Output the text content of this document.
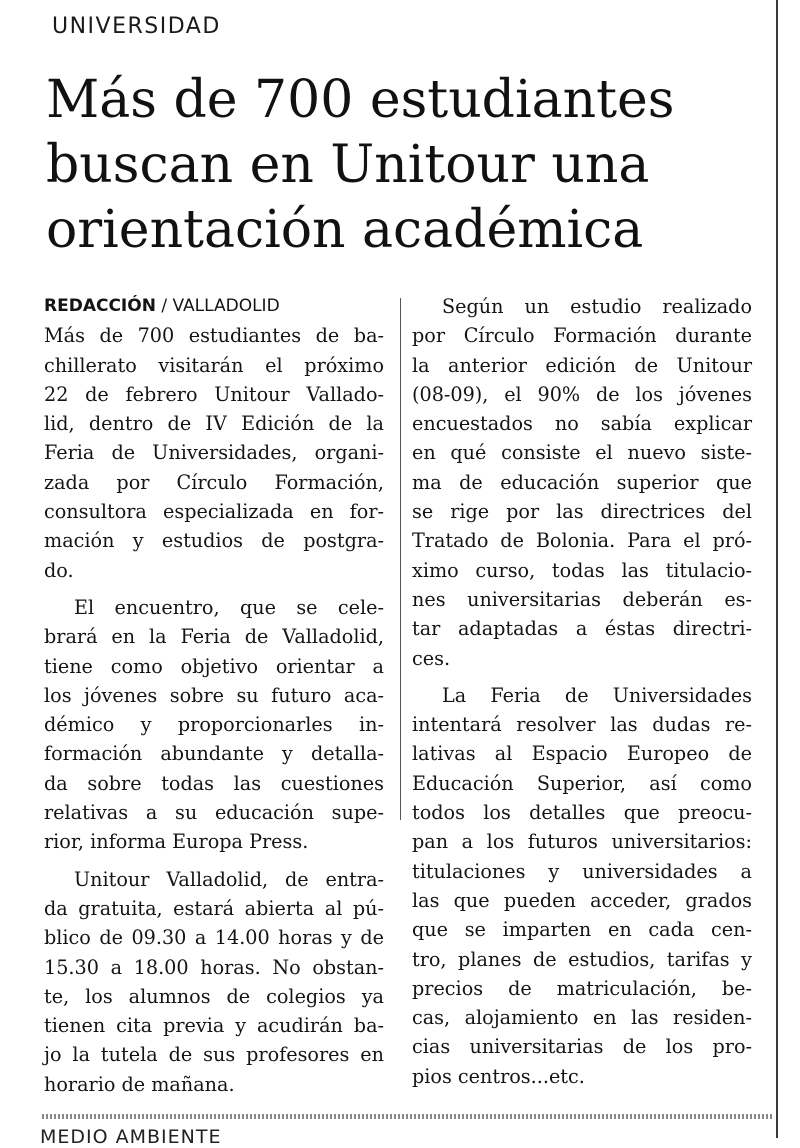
UNIVERSIDAD
Más de 700 estudiantes
buscan en Unitour una
orientación académica
REDACCIÓN / VALLADOLID
Más de 700 estudiantes de ba-
chillerato visitarán el próximo
22 de febrero Unitour Vallado-
lid, dentro de IV Edición de la
Feria de Universidades, organi-
zada por Círculo Formación,
consultora especializada en for-
mación y estudios de postgra-
do.
El encuentro, que se cele-
brará en la Feria de Valladolid,
tiene como objetivo orientar a
los jóvenes sobre su futuro aca-
démico y proporcionarles in-
formación abundante y detalla-
da sobre todas las cuestiones
relativas a su educación supe-
rior, informa Europa Press.
Unitour Valladolid, de entra-
da gratuita, estará abierta al pú-
blico de 09.30 a 14.00 horas y de
15.30 a 18.00 horas. No obstan-
te, los alumnos de colegios ya
tienen cita previa y acudirán ba-
jo la tutela de sus profesores en
horario de mañana.
Según un estudio realizado
por Círculo Formación durante
la anterior edición de Unitour
(08-09), el 90% de los jóvenes
encuestados no sabía explicar
en qué consiste el nuevo siste-
ma de educación superior que
se rige por las directrices del
Tratado de Bolonia. Para el pró-
ximo curso, todas las titulacio-
nes universitarias deberán es-
tar adaptadas a éstas directri-
ces.
La Feria de Universidades
intentará resolver las dudas re-
lativas al Espacio Europeo de
Educación Superior, así como
todos los detalles que preocu-
pan a los futuros universitarios:
titulaciones y universidades a
las que pueden acceder, grados
que se imparten en cada cen-
tro, planes de estudios, tarifas y
precios de matriculación, be-
cas, alojamiento en las residen-
cias universitarias de los pro-
pios centros...etc.
MEDIO AMBIENTE
